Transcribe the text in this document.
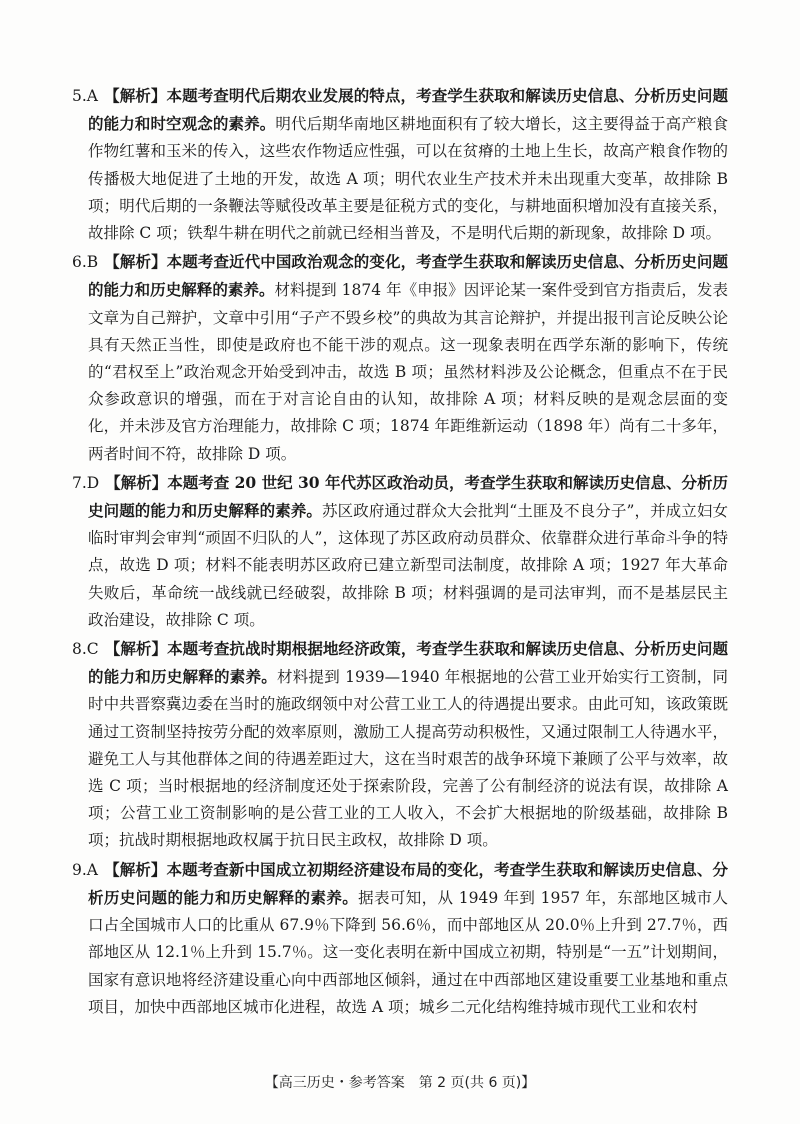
5.A 【解析】本题考查明代后期农业发展的特点，考查学生获取和解读历史信息、分析历史问题的能力和时空观念的素养。明代后期华南地区耕地面积有了较大增长，这主要得益于高产粮食作物红薯和玉米的传入，这些农作物适应性强，可以在贫瘠的土地上生长，故高产粮食作物的传播极大地促进了土地的开发，故选 A 项；明代农业生产技术并未出现重大变革，故排除 B 项；明代后期的一条鞭法等赋役改革主要是征税方式的变化，与耕地面积增加没有直接关系，故排除 C 项；铁犁牛耕在明代之前就已经相当普及，不是明代后期的新现象，故排除 D 项。

6.B 【解析】本题考查近代中国政治观念的变化，考查学生获取和解读历史信息、分析历史问题的能力和历史解释的素养。材料提到 1874 年《申报》因评论某一案件受到官方指责后，发表文章为自己辩护，文章中引用“子产不毁乡校”的典故为其言论辩护，并提出报刊言论反映公论具有天然正当性，即使是政府也不能干涉的观点。这一现象表明在西学东渐的影响下，传统的“君权至上”政治观念开始受到冲击，故选 B 项；虽然材料涉及公论概念，但重点不在于民众参政意识的增强，而在于对言论自由的认知，故排除 A 项；材料反映的是观念层面的变化，并未涉及官方治理能力，故排除 C 项；1874 年距维新运动（1898 年）尚有二十多年，两者时间不符，故排除 D 项。

7.D 【解析】本题考查 20 世纪 30 年代苏区政治动员，考查学生获取和解读历史信息、分析历史问题的能力和历史解释的素养。苏区政府通过群众大会批判“土匪及不良分子”，并成立妇女临时审判会审判“顽固不归队的人”，这体现了苏区政府动员群众、依靠群众进行革命斗争的特点，故选 D 项；材料不能表明苏区政府已建立新型司法制度，故排除 A 项；1927 年大革命失败后，革命统一战线就已经破裂，故排除 B 项；材料强调的是司法审判，而不是基层民主政治建设，故排除 C 项。

8.C 【解析】本题考查抗战时期根据地经济政策，考查学生获取和解读历史信息、分析历史问题的能力和历史解释的素养。材料提到 1939—1940 年根据地的公营工业开始实行工资制，同时中共晋察冀边委在当时的施政纲领中对公营工业工人的待遇提出要求。由此可知，该政策既通过工资制坚持按劳分配的效率原则，激励工人提高劳动积极性，又通过限制工人待遇水平，避免工人与其他群体之间的待遇差距过大，这在当时艰苦的战争环境下兼顾了公平与效率，故选 C 项；当时根据地的经济制度还处于探索阶段，完善了公有制经济的说法有误，故排除 A 项；公营工业工资制影响的是公营工业的工人收入，不会扩大根据地的阶级基础，故排除 B 项；抗战时期根据地政权属于抗日民主政权，故排除 D 项。

9.A 【解析】本题考查新中国成立初期经济建设布局的变化，考查学生获取和解读历史信息、分析历史问题的能力和历史解释的素养。据表可知，从 1949 年到 1957 年，东部地区城市人口占全国城市人口的比重从 67.9％下降到 56.6％，而中部地区从 20.0％上升到 27.7％，西部地区从 12.1％上升到 15.7％。这一变化表明在新中国成立初期，特别是“一五”计划期间，国家有意识地将经济建设重心向中西部地区倾斜，通过在中西部地区建设重要工业基地和重点项目，加快中西部地区城市化进程，故选 A 项；城乡二元化结构维持城市现代工业和农村

【高三历史・参考答案　第 2 页(共 6 页)】
